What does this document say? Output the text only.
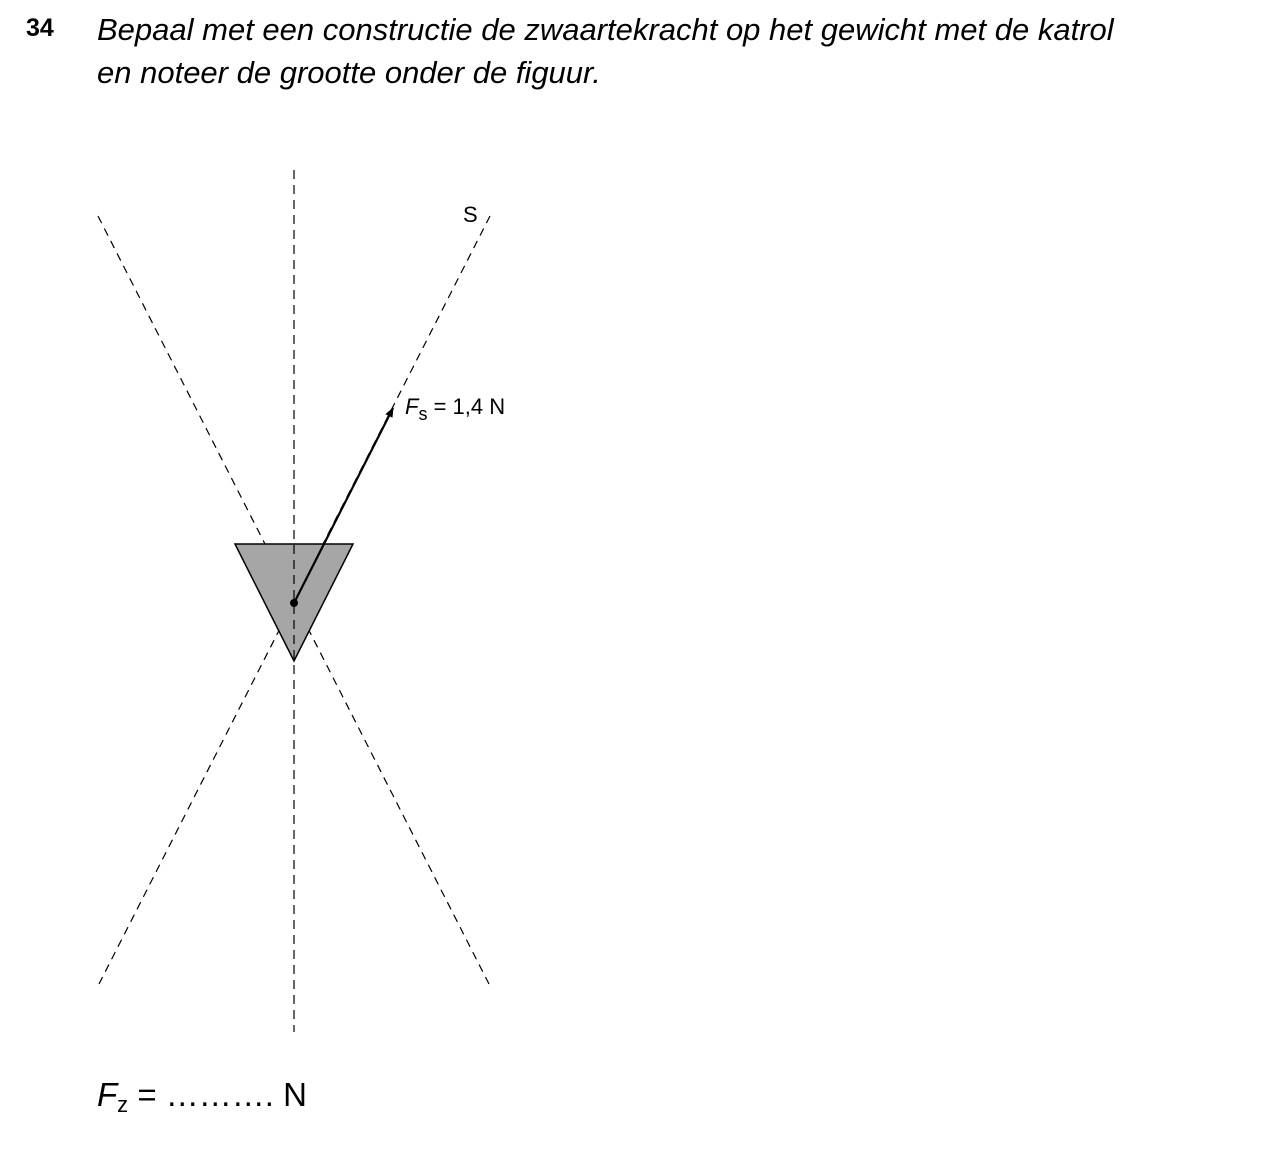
34 Bepaal met een constructie de zwaartekracht op het gewicht met de katrol
en noteer de grootte onder de figuur.

S
$F_s = 1,4$ N
$F_z$ = ………. N
